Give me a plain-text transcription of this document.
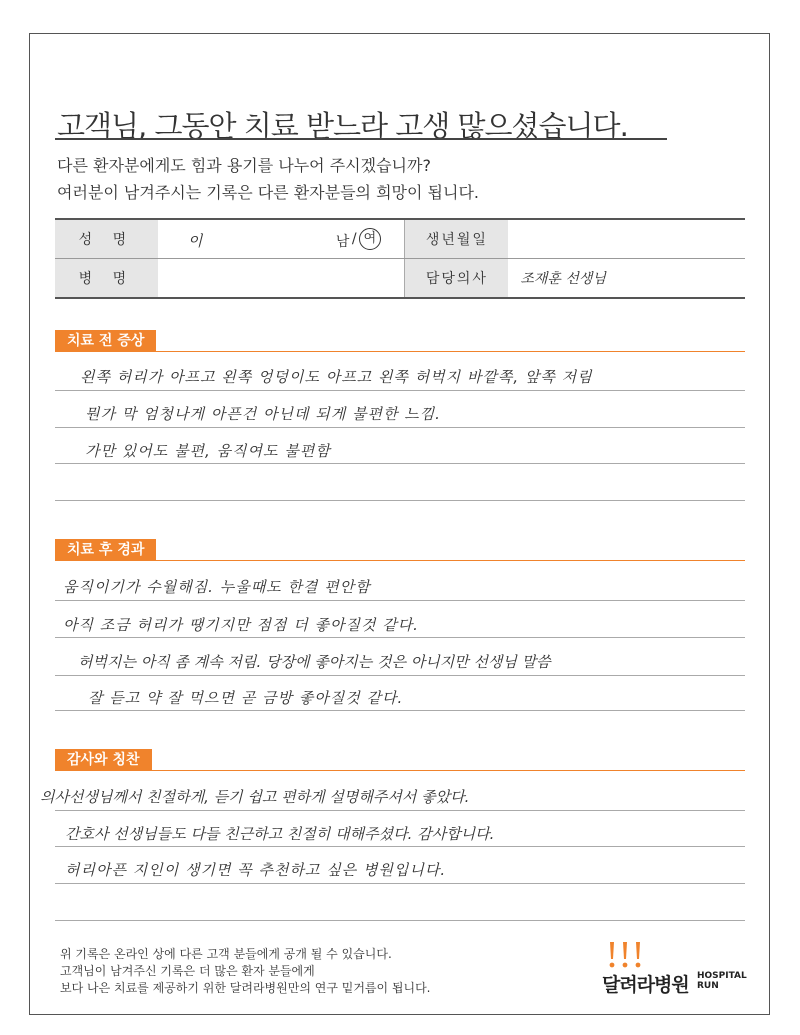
고객님, 그동안 치료 받느라 고생 많으셨습니다.
다른 환자분에게도 힘과 용기를 나누어 주시겠습니까?
여러분이 남겨주시는 기록은 다른 환자분들의 희망이 됩니다.
성 명	이 남 / 여	생년월일	
병 명		담당의사	조재훈 선생님
치료 전 증상
왼쪽 허리가 아프고 왼쪽 엉덩이도 아프고 왼쪽 허벅지 바깥쪽, 앞쪽 저림
뭔가 막 엄청나게 아픈건 아닌데 되게 불편한 느낌.
가만 있어도 불편, 움직여도 불편함
치료 후 경과
움직이기가 수월해짐. 누울때도 한결 편안함
아직 조금 허리가 땡기지만 점점 더 좋아질것 같다.
허벅지는 아직 좀 계속 저림. 당장에 좋아지는 것은 아니지만 선생님 말씀
잘 듣고 약 잘 먹으면 곧 금방 좋아질것 같다.
감사와 칭찬
의사선생님께서 친절하게, 듣기 쉽고 편하게 설명해주셔서 좋았다.
간호사 선생님들도 다들 친근하고 친절히 대해주셨다. 감사합니다.
허리아픈 지인이 생기면 꼭 추천하고 싶은 병원입니다.
위 기록은 온라인 상에 다른 고객 분들에게 공개 될 수 있습니다.
고객님이 남겨주신 기록은 더 많은 환자 분들에게
보다 나은 치료를 제공하기 위한 달려라병원만의 연구 밑거름이 됩니다.	달려라병원 HOSPITAL
RUN
